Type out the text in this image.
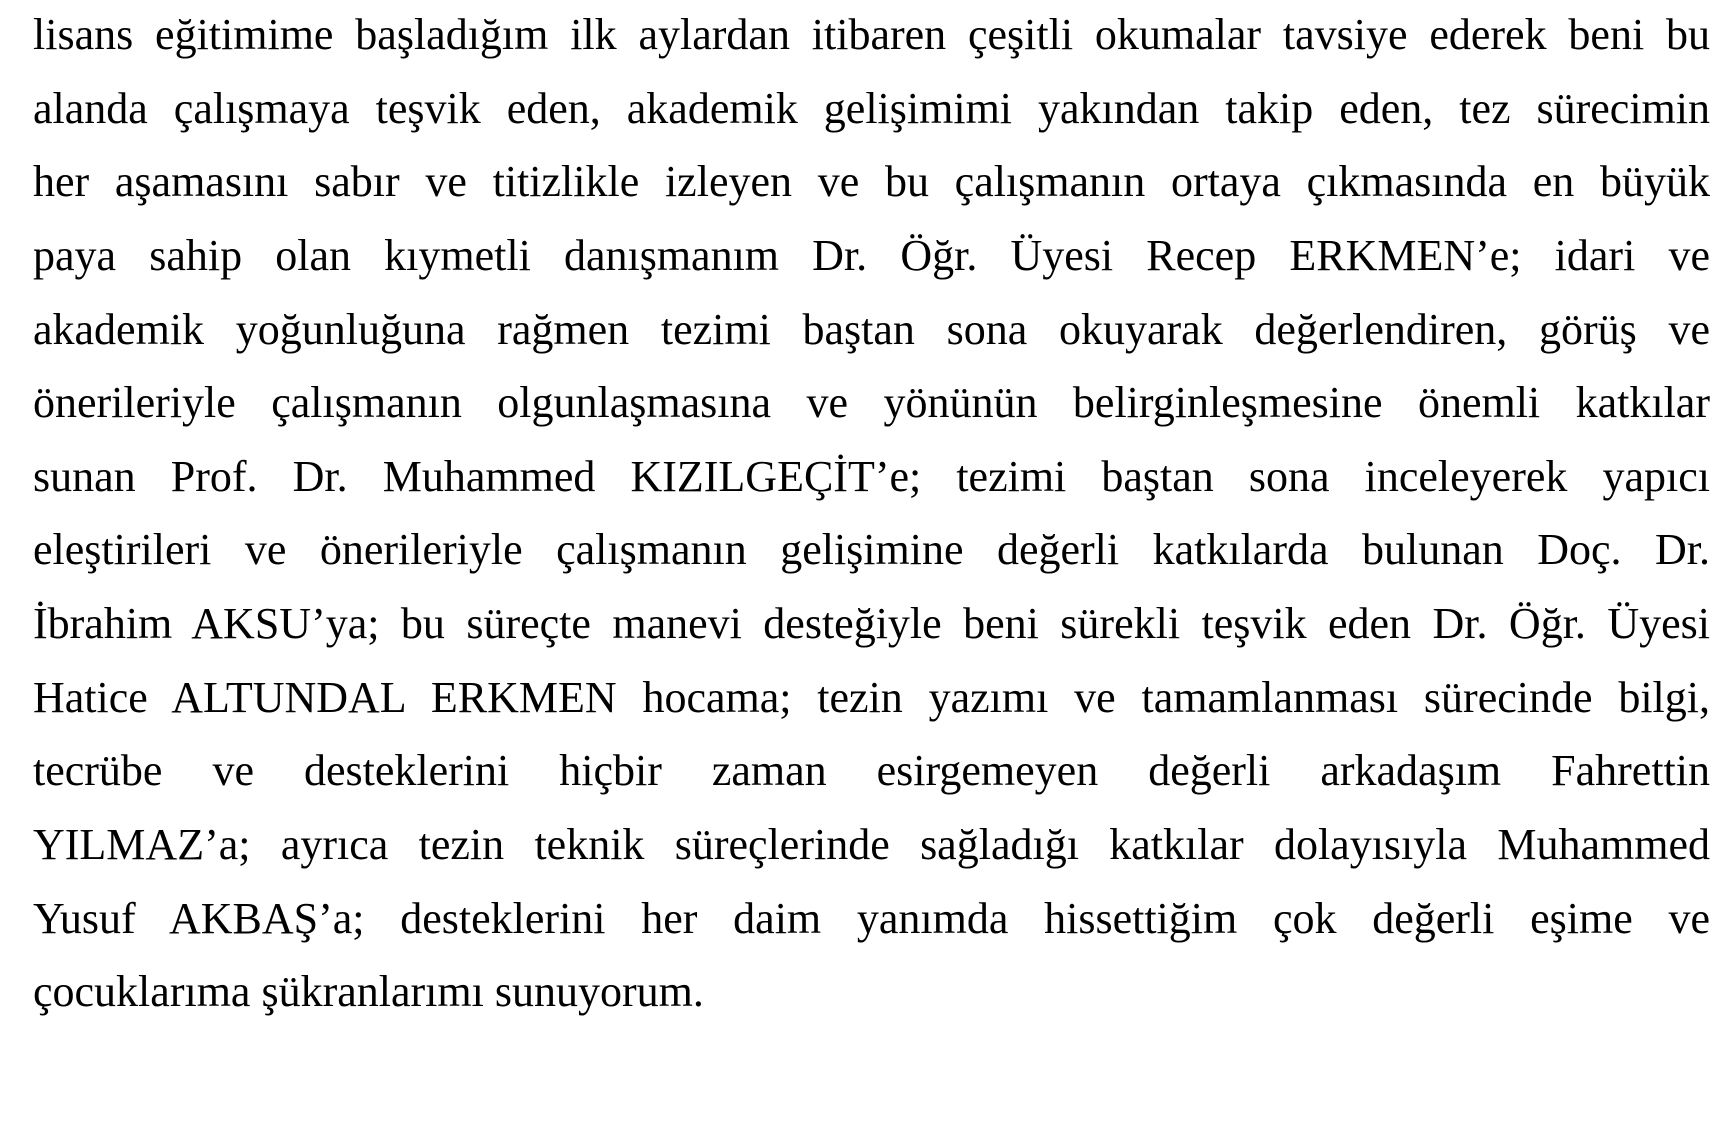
lisans eğitimime başladığım ilk aylardan itibaren çeşitli okumalar tavsiye ederek beni bu
alanda çalışmaya teşvik eden, akademik gelişimimi yakından takip eden, tez sürecimin
her aşamasını sabır ve titizlikle izleyen ve bu çalışmanın ortaya çıkmasında en büyük
paya sahip olan kıymetli danışmanım Dr. Öğr. Üyesi Recep ERKMEN’e; idari ve
akademik yoğunluğuna rağmen tezimi baştan sona okuyarak değerlendiren, görüş ve
önerileriyle çalışmanın olgunlaşmasına ve yönünün belirginleşmesine önemli katkılar
sunan Prof. Dr. Muhammed KIZILGEÇİT’e; tezimi baştan sona inceleyerek yapıcı
eleştirileri ve önerileriyle çalışmanın gelişimine değerli katkılarda bulunan Doç. Dr.
İbrahim AKSU’ya; bu süreçte manevi desteğiyle beni sürekli teşvik eden Dr. Öğr. Üyesi
Hatice ALTUNDAL ERKMEN hocama; tezin yazımı ve tamamlanması sürecinde bilgi,
tecrübe ve desteklerini hiçbir zaman esirgemeyen değerli arkadaşım Fahrettin
YILMAZ’a; ayrıca tezin teknik süreçlerinde sağladığı katkılar dolayısıyla Muhammed
Yusuf AKBAŞ’a; desteklerini her daim yanımda hissettiğim çok değerli eşime ve
çocuklarıma şükranlarımı sunuyorum.
